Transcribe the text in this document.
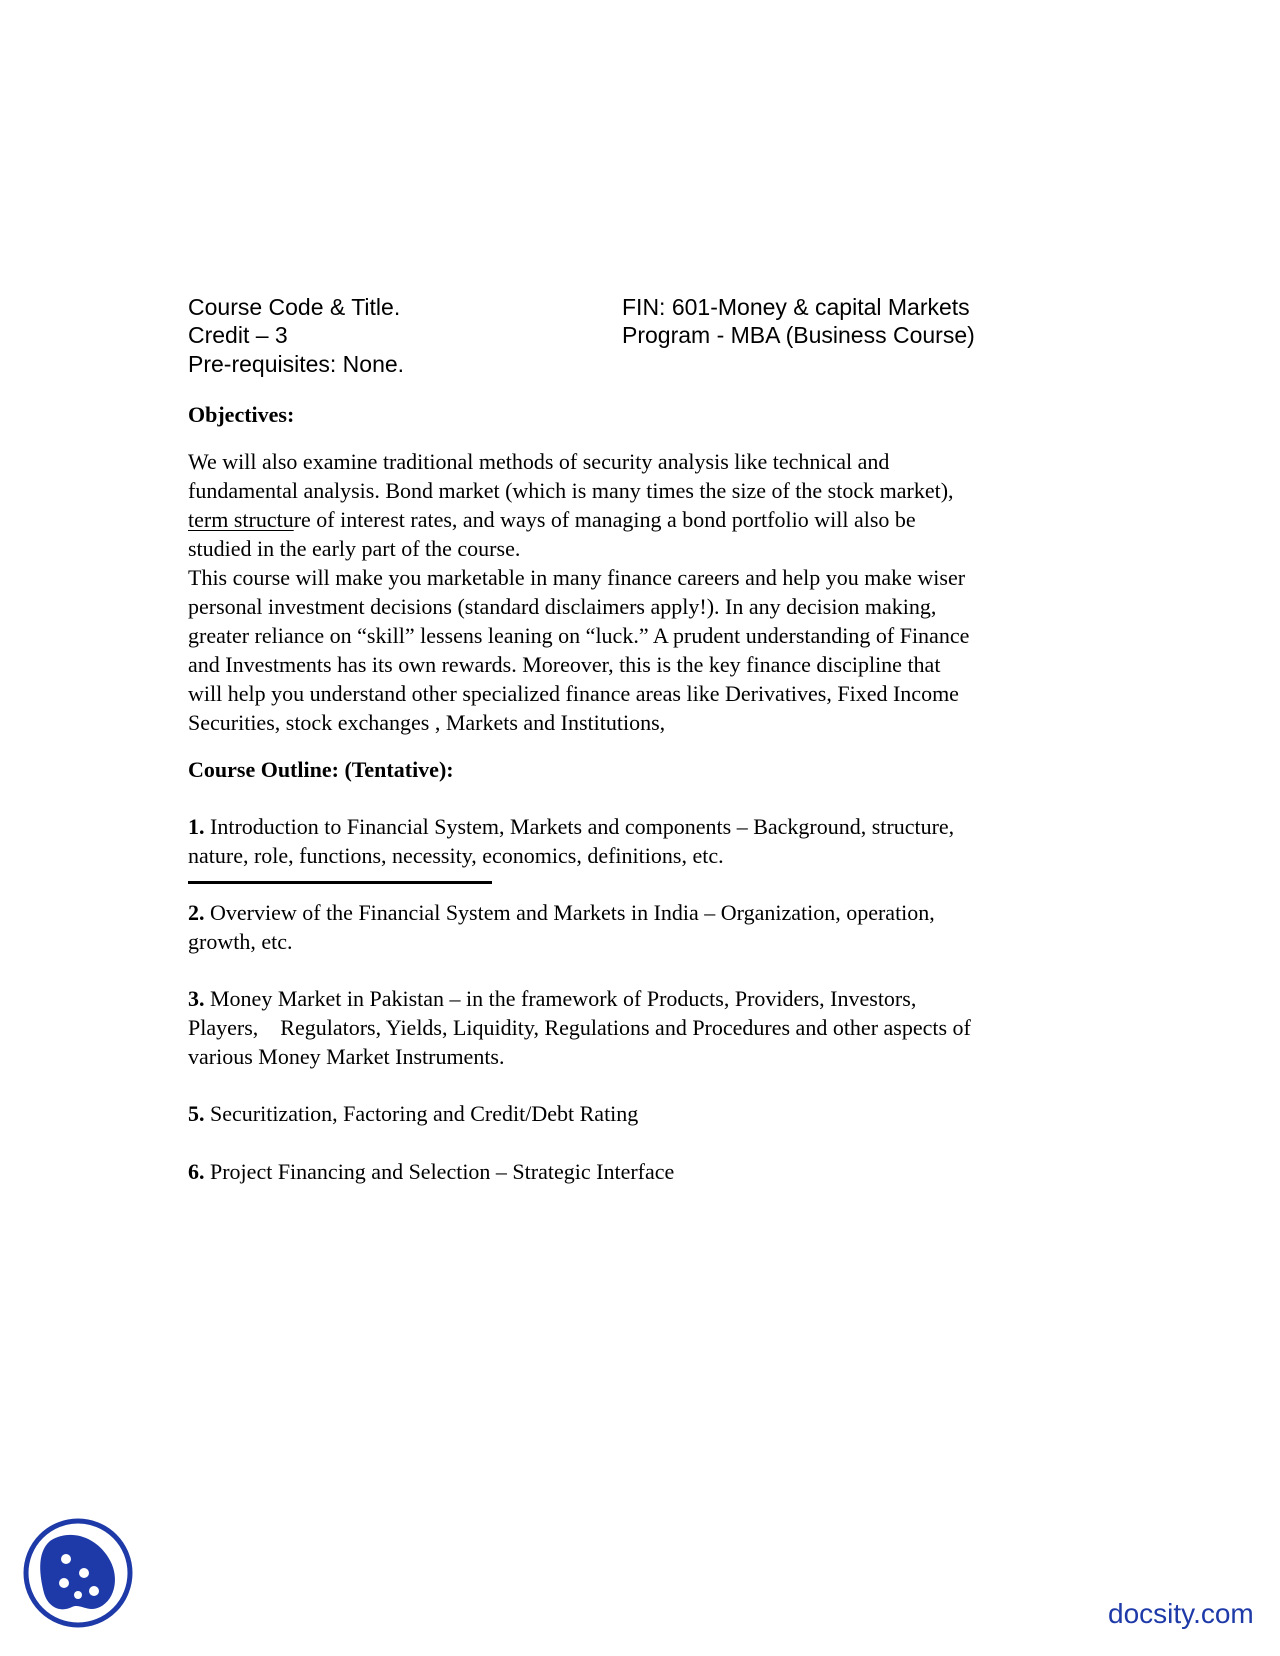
Course Code & Title.	FIN: 601-Money & capital Markets
Credit – 3	Program - MBA (Business Course)
Pre-requisites: None.
Objectives:
We will also examine traditional methods of security analysis like technical and
fundamental analysis. Bond market (which is many times the size of the stock market),
term structure of interest rates, and ways of managing a bond portfolio will also be
studied in the early part of the course.
This course will make you marketable in many finance careers and help you make wiser
personal investment decisions (standard disclaimers apply!). In any decision making,
greater reliance on “skill” lessens leaning on “luck.” A prudent understanding of Finance
and Investments has its own rewards. Moreover, this is the key finance discipline that
will help you understand other specialized finance areas like Derivatives, Fixed Income
Securities, stock exchanges , Markets and Institutions,
Course Outline: (Tentative):
1. Introduction to Financial System, Markets and components – Background, structure,
nature, role, functions, necessity, economics, definitions, etc.
2. Overview of the Financial System and Markets in India – Organization, operation,
growth, etc.
3. Money Market in Pakistan – in the framework of Products, Providers, Investors,
Players,    Regulators, Yields, Liquidity, Regulations and Procedures and other aspects of
various Money Market Instruments.
5. Securitization, Factoring and Credit/Debt Rating
6. Project Financing and Selection – Strategic Interface
docsity.com
